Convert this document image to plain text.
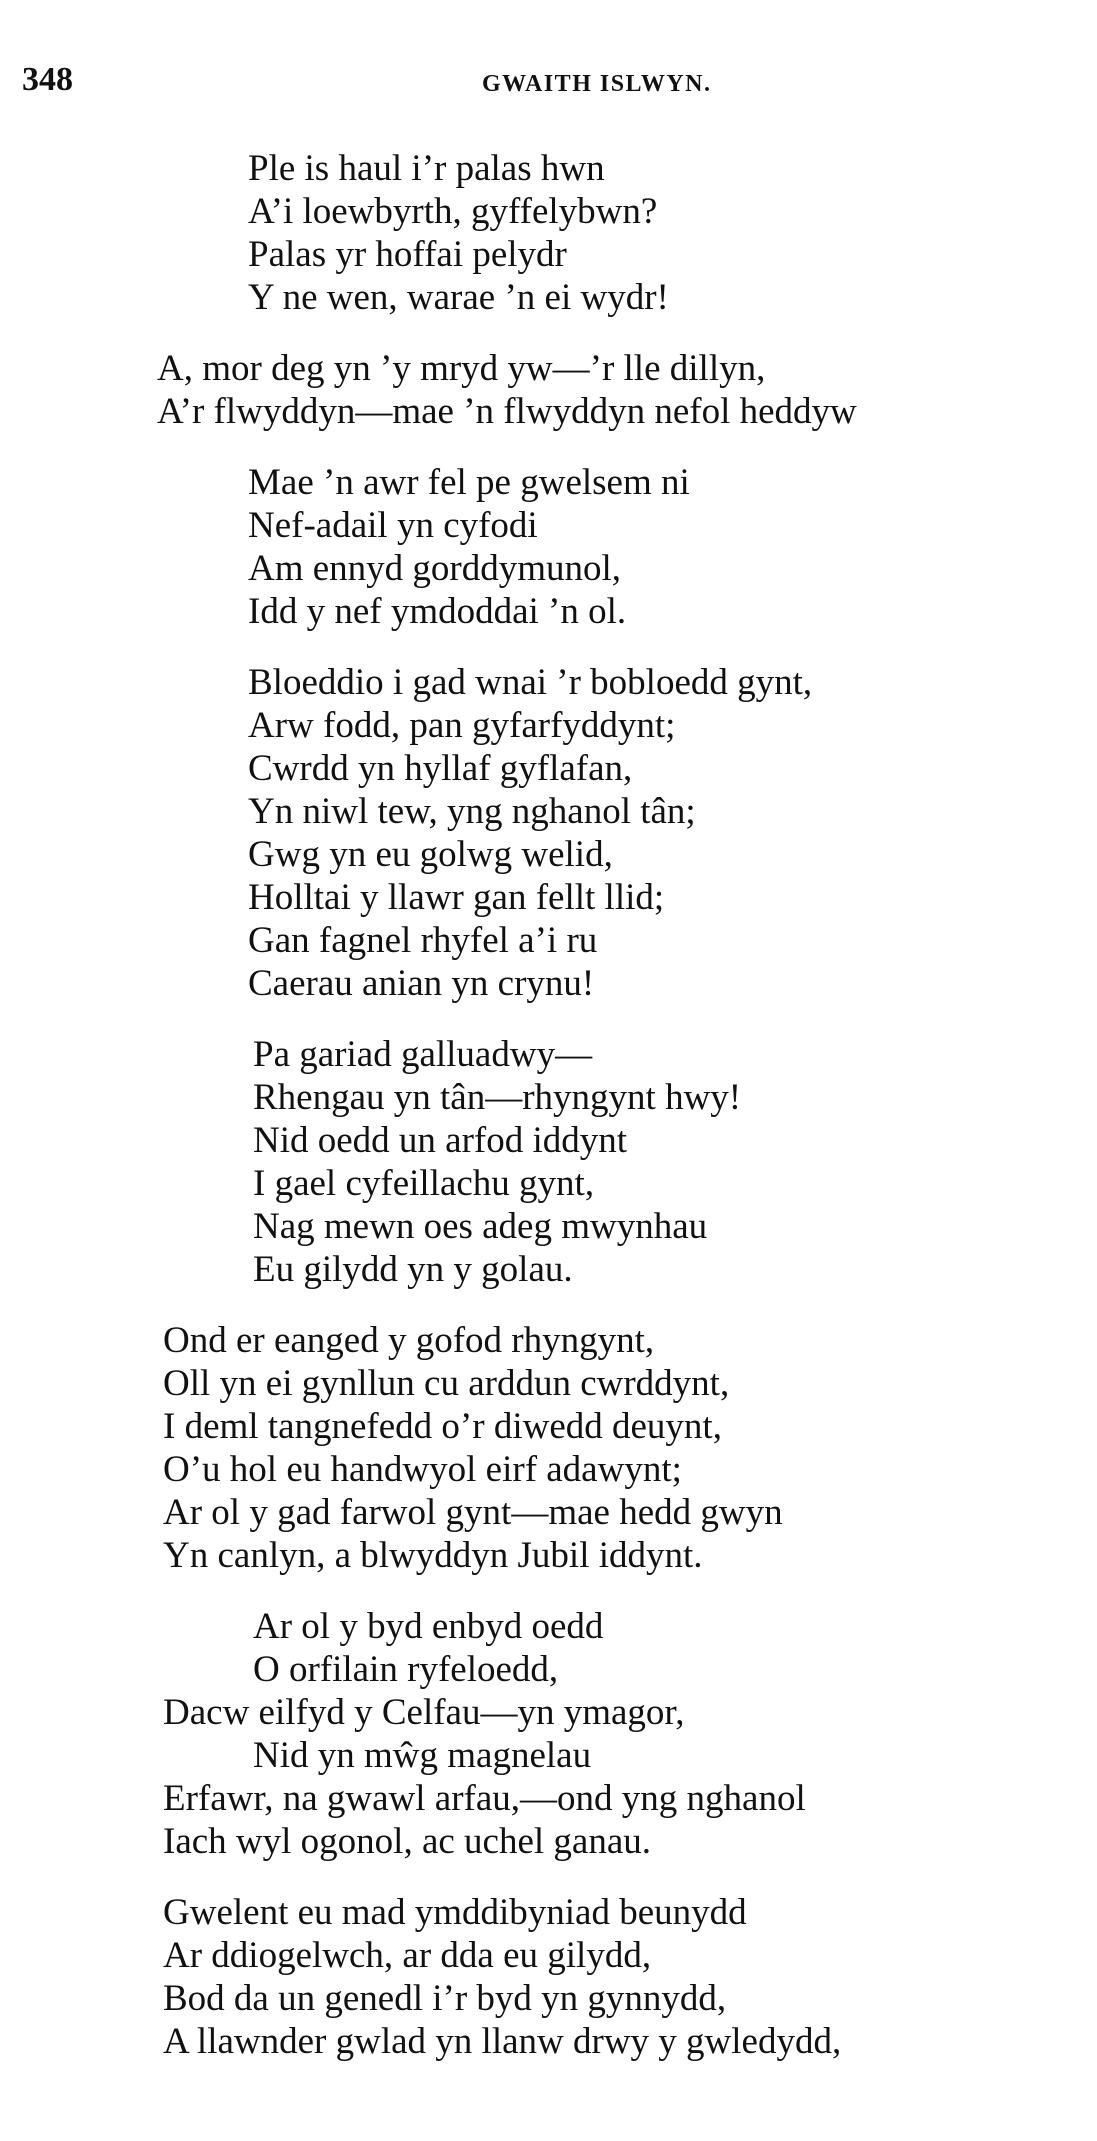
348	GWAITH ISLWYN.
Ple is haul i’r palas hwn
A’i loewbyrth, gyffelybwn?
Palas yr hoffai pelydr
Y ne wen, warae ’n ei wydr!
A, mor deg yn ’y mryd yw—’r lle dillyn,
A’r flwyddyn—mae ’n flwyddyn nefol heddyw
Mae ’n awr fel pe gwelsem ni
Nef-adail yn cyfodi
Am ennyd gorddymunol,
Idd y nef ymdoddai ’n ol.
Bloeddio i gad wnai ’r bobloedd gynt,
Arw fodd, pan gyfarfyddynt;
Cwrdd yn hyllaf gyflafan,
Yn niwl tew, yng nghanol tân;
Gwg yn eu golwg welid,
Holltai y llawr gan fellt llid;
Gan fagnel rhyfel a’i ru
Caerau anian yn crynu!
Pa gariad galluadwy—
Rhengau yn tân—rhyngynt hwy!
Nid oedd un arfod iddynt
I gael cyfeillachu gynt,
Nag mewn oes adeg mwynhau
Eu gilydd yn y golau.
Ond er eanged y gofod rhyngynt,
Oll yn ei gynllun cu arddun cwrddynt,
I deml tangnefedd o’r diwedd deuynt,
O’u hol eu handwyol eirf adawynt;
Ar ol y gad farwol gynt—mae hedd gwyn
Yn canlyn, a blwyddyn Jubil iddynt.
Ar ol y byd enbyd oedd
O orfilain ryfeloedd,
Dacw eilfyd y Celfau—yn ymagor,
Nid yn mŵg magnelau
Erfawr, na gwawl arfau,—ond yng nghanol
Iach wyl ogonol, ac uchel ganau.
Gwelent eu mad ymddibyniad beunydd
Ar ddiogelwch, ar dda eu gilydd,
Bod da un genedl i’r byd yn gynnydd,
A llawnder gwlad yn llanw drwy y gwledydd,
